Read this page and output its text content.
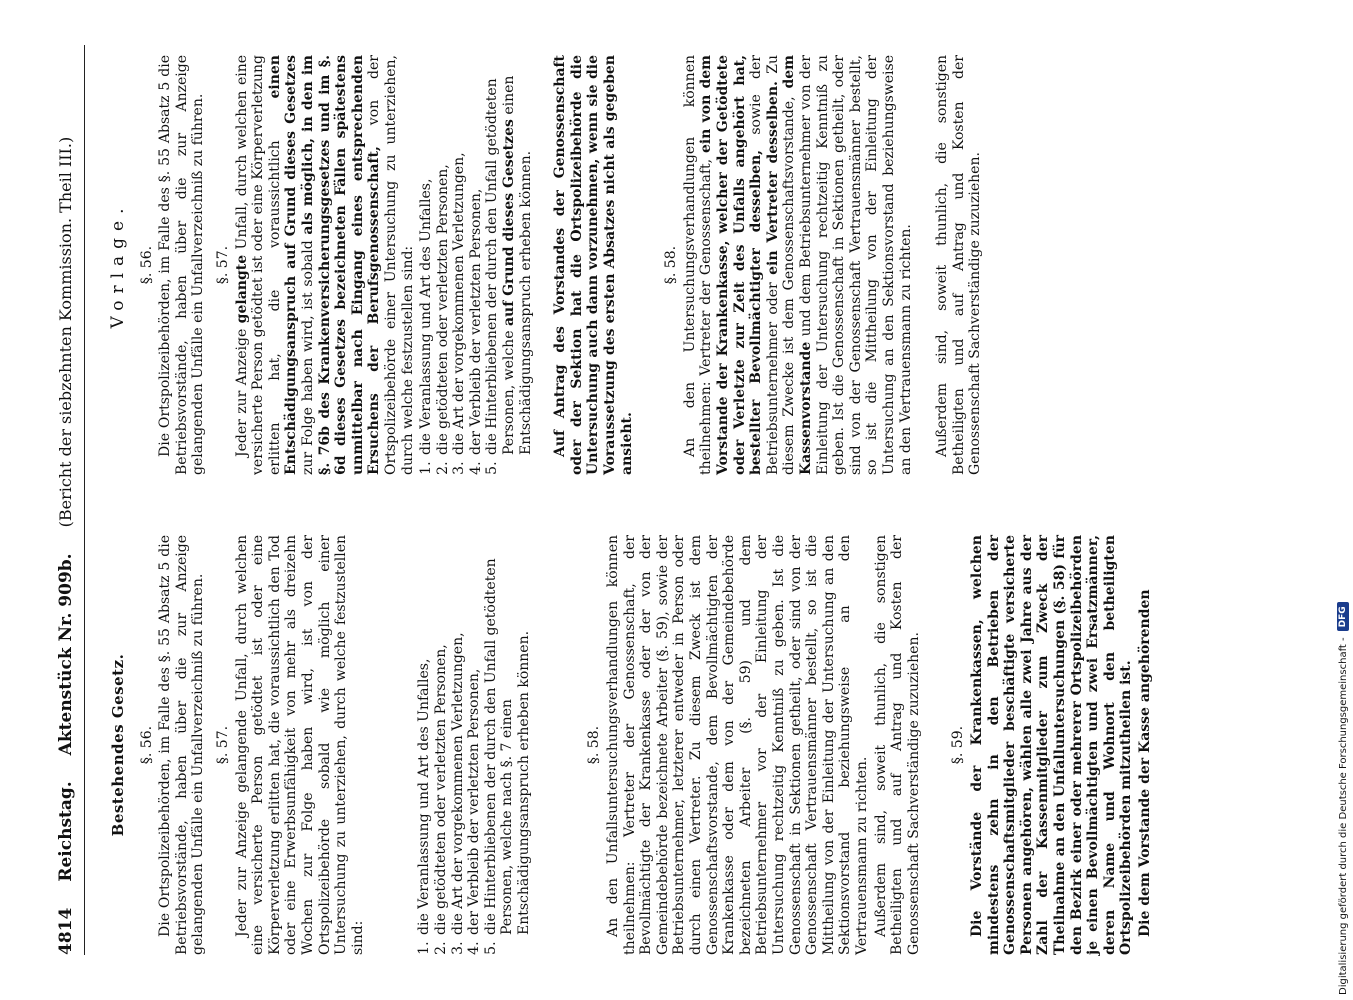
4814
Reichstag.
Aktenstück Nr. 909b.
(Bericht der siebzehnten Kommission. Theil III.)
Bestehendes Gesetz. §. 56. Die Ortspolizeibehörden, im Falle des §. 55 Absatz 5 die Betriebsvorstände, haben über die zur Anzeige gelangenden Unfälle ein Unfallverzeichniß zu führen. §. 57. Jeder zur Anzeige gelangende Unfall, durch welchen eine versicherte Person getödtet ist oder eine Körperverletzung erlitten hat, die voraussichtlich den Tod oder eine Erwerbsunfähigkeit von mehr als dreizehn Wochen zur Folge haben wird, ist von der Ortspolizeibehörde sobald wie möglich einer Untersuchung zu unterziehen, durch welche festzustellen sind:

1. die Veranlassung und Art des Unfalles, 2. die getödteten oder verletzten Personen, 3. die Art der vorgekommenen Verletzungen, 4. der Verbleib der verletzten Personen, 5. die Hinterbliebenen der durch den Unfall getödteten Personen, welche nach §. 7 einen Entschädigungsanspruch erheben können.	§. 58. An den Unfallsuntersuchungsverhandlungen können theilnehmen: Vertreter der Genossenschaft, der Bevollmächtigte der Krankenkasse oder der von der Gemeindebehörde bezeichnete Arbeiter (§. 59), sowie der Betriebsunternehmer, letzterer entweder in Person oder durch einen Vertreter. Zu diesem Zweck ist dem Genossenschaftsvorstande, dem Bevollmächtigten der Krankenkasse oder dem von der Gemeindebehörde bezeichneten Arbeiter (§. 59) und dem Betriebsunternehmer vor der Einleitung der Untersuchung rechtzeitig Kenntniß zu geben. Ist die Genossenschaft in Sektionen getheilt, oder sind von der Genossenschaft Vertrauensmänner bestellt, so ist die Mittheilung von der Einleitung der Untersuchung an den Sektionsvorstand beziehungsweise an den Vertrauensmann zu richten. Außerdem sind, soweit thunlich, die sonstigen Betheiligten und auf Antrag und Kosten der Genossenschaft Sachverständige zuzuziehen. §. 59. Die Vorstände der Krankenkassen, welchen mindestens zehn in den Betrieben der Genossenschaftsmitglieder beschäftigte versicherte Personen angehören, wählen alle zwei Jahre aus der Zahl der Kassenmitglieder zum Zweck der Theilnahme an den Unfalluntersuchungen (§. 58) für den Bezirk einer oder mehrerer Ortspolizeibehörden je einen Bevollmächtigten und zwei Ersatzmänner, deren Name und Wohnort den betheiligten Ortspolizeibehörden mitzutheilen ist. Die dem Vorstande der Kasse angehörenden

Vorlage. §. 56. Die Ortspolizeibehörden, im Falle des §. 55 Absatz 5 die Betriebsvorstände, haben über die zur Anzeige gelangenden Unfälle ein Unfallverzeichniß zu führen. §. 57.

Jeder zur Anzeige gelangte Unfall, durch welchen eine versicherte Person getödtet ist oder eine Körperverletzung erlitten hat, die voraussichtlich einen Entschädigungsanspruch auf Grund dieses Gesetzes zur Folge haben wird, ist sobald als möglich, in den im §. 76b des Krankenversicherungsgesetzes und im §. 6d dieses Gesetzes bezeichneten Fällen spätestens unmittelbar nach Eingang eines entsprechenden Ersuchens der Berufsgenossenschaft, von der Ortspolizeibehörde einer Untersuchung zu unterziehen, durch welche festzustellen sind: 1. die Veranlassung und Art des Unfalles, 2. die getödteten oder verletzten Personen, 3. die Art der vorgekommenen Verletzungen, 4. der Verbleib der verletzten Personen, 5. die Hinterbliebenen der durch den Unfall getödteten Personen, welche auf Grund dieses Gesetzes einen Entschädigungsanspruch erheben können. Auf Antrag des Vorstandes der Genossenschaft oder der Sektion hat die Ortspolizeibehörde die Untersuchung auch dann vorzunehmen, wenn sie die Voraussetzung des ersten Absatzes nicht als gegeben ansieht.

§. 58. An den Untersuchungsverhandlungen können theilnehmen: Vertreter der Genossenschaft, ein von dem Vorstande der Krankenkasse, welcher der Getödtete oder Verletzte zur Zeit des Unfalls angehört hat, bestellter Bevollmächtigter desselben, sowie der Betriebsunternehmer oder ein Vertreter desselben. Zu diesem Zwecke ist dem Genossenschaftsvorstande, dem Kassenvorstande und dem Betriebsunternehmer von der Einleitung der Untersuchung rechtzeitig Kenntniß zu geben. Ist die Genossenschaft in Sektionen getheilt, oder sind von der Genossenschaft Vertrauensmänner bestellt, so ist die Mittheilung von der Einleitung der Untersuchung an den Sektionsvorstand beziehungsweise an den Vertrauensmann zu richten. Außerdem sind, soweit thunlich, die sonstigen Betheiligten und auf Antrag und Kosten der Genossenschaft Sachverständige zuzuziehen.

Digitalisierung gefördert durch die Deutsche Forschungsgemeinschaft -
DFG
